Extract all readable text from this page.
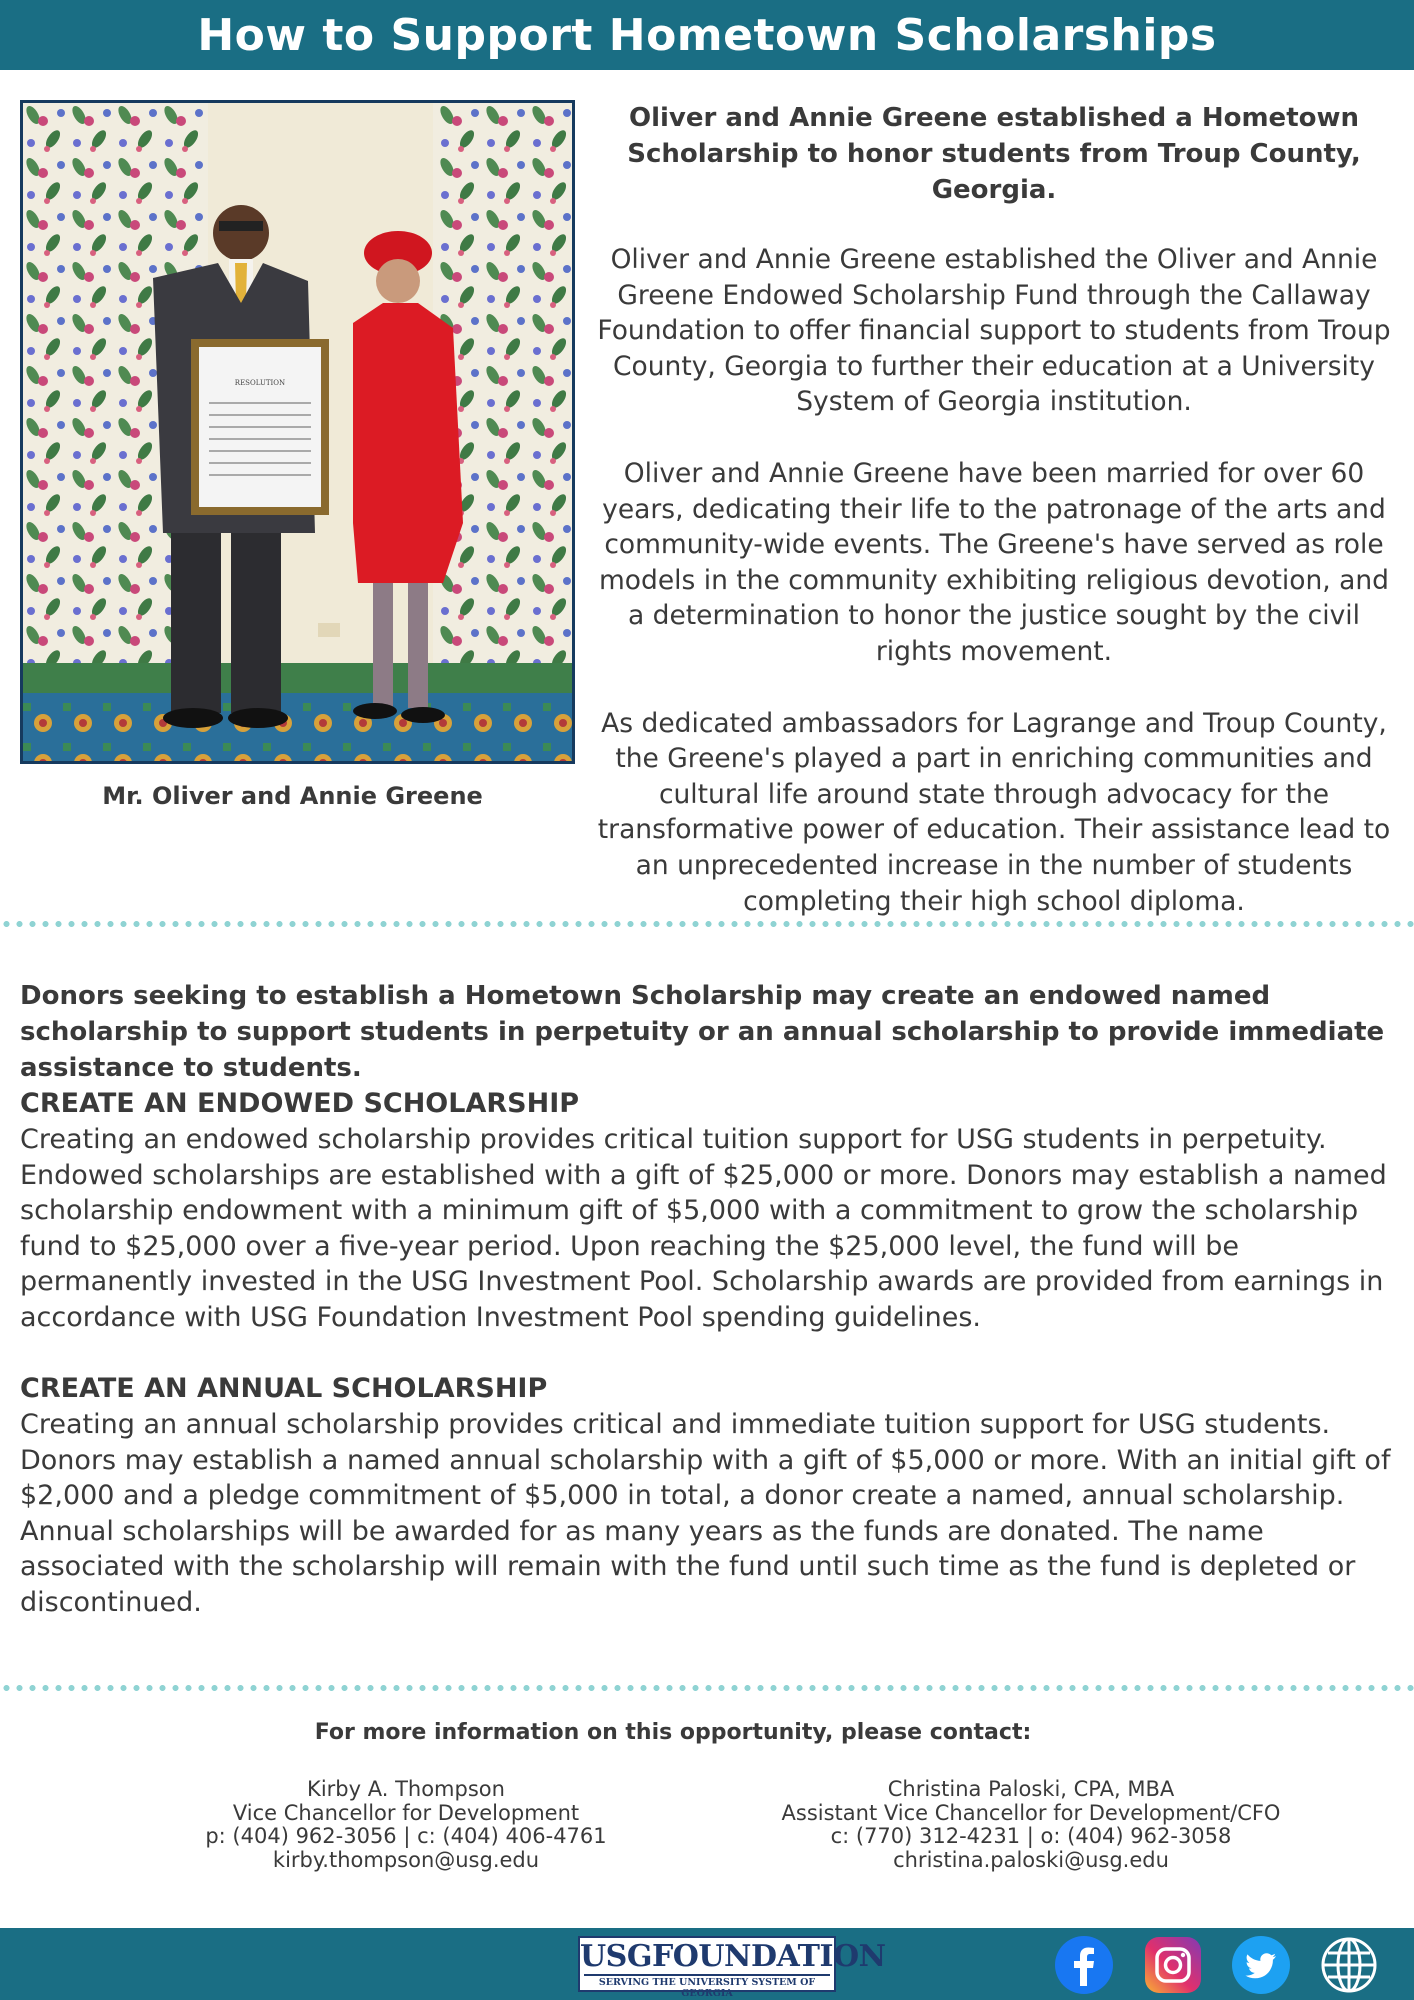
How to Support Hometown Scholarships
RESOLUTION
Mr. Oliver and Annie Greene

Oliver and Annie Greene established a Hometown Scholarship to honor students from Troup County, Georgia.

Oliver and Annie Greene established the Oliver and Annie Greene Endowed Scholarship Fund through the Callaway Foundation to offer financial support to students from Troup County, Georgia to further their education at a University System of Georgia institution.

Oliver and Annie Greene have been married for over 60 years, dedicating their life to the patronage of the arts and community-wide events. The Greene's have served as role models in the community exhibiting religious devotion, and a determination to honor the justice sought by the civil rights movement.

As dedicated ambassadors for Lagrange and Troup County, the Greene's played a part in enriching communities and cultural life around state through advocacy for the transformative power of education. Their assistance lead to an unprecedented increase in the number of students completing their high school diploma.

Donors seeking to establish a Hometown Scholarship may create an endowed named scholarship to support students in perpetuity or an annual scholarship to provide immediate assistance to students.

CREATE AN ENDOWED SCHOLARSHIP

Creating an endowed scholarship provides critical tuition support for USG students in perpetuity. Endowed scholarships are established with a gift of $25,000 or more. Donors may establish a named scholarship endowment with a minimum gift of $5,000 with a commitment to grow the scholarship fund to $25,000 over a five-year period. Upon reaching the $25,000 level, the fund will be permanently invested in the USG Investment Pool. Scholarship awards are provided from earnings in accordance with USG Foundation Investment Pool spending guidelines.

CREATE AN ANNUAL SCHOLARSHIP

Creating an annual scholarship provides critical and immediate tuition support for USG students. Donors may establish a named annual scholarship with a gift of $5,000 or more. With an initial gift of $2,000 and a pledge commitment of $5,000 in total, a donor create a named, annual scholarship. Annual scholarships will be awarded for as many years as the funds are donated. The name associated with the scholarship will remain with the fund until such time as the fund is depleted or discontinued.

For more information on this opportunity, please contact:
Kirby A. Thompson
Vice Chancellor for Development
p: (404) 962-3056 | c: (404) 406-4761
kirby.thompson@usg.edu
Christina Paloski, CPA, MBA
Assistant Vice Chancellor for Development/CFO
c: (770) 312-4231 | o: (404) 962-3058
christina.paloski@usg.edu
USGFOUNDATION
SERVING THE UNIVERSITY SYSTEM OF GEORGIA
